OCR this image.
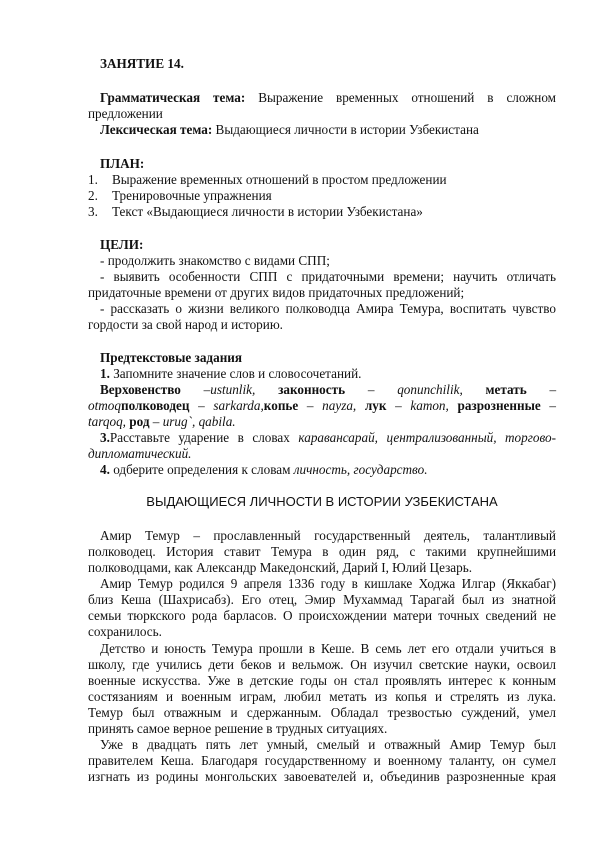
ЗАНЯТИЕ 14.
Грамматическая тема: Выражение временных отношений в сложном
предложении
Лексическая тема: Выдающиеся личности в истории Узбекистана
ПЛАН:
1. Выражение временных отношений в простом предложении
2. Тренировочные упражнения
3. Текст «Выдающиеся личности в истории Узбекистана»
ЦЕЛИ:
- продолжить знакомство с видами СПП;
- выявить особенности СПП с придаточными времени; научить отличать
придаточные времени от других видов придаточных предложений;
- рассказать о жизни великого полководца Амира Темура, воспитать чувство
гордости за свой народ и историю.
Предтекстовые задания
1. Запомните значение слов и словосочетаний.
Верховенство –ustunlik, законность – qonunchilik, метать –
otmoqполководец – sarkarda,копье – nayza, лук – kamon, разрозненные –
tarqoq, род – urug`, qabila.
3.Расставьте ударение в словах каравансарай, централизованный, торгово-
дипломатический.
4. одберите определения к словам личность, государство.
ВЫДАЮЩИЕСЯ ЛИЧНОСТИ В ИСТОРИИ УЗБЕКИСТАНА
Амир Темур – прославленный государственный деятель, талантливый
полководец. История ставит Темура в один ряд, с такими крупнейшими
полководцами, как Александр Македонский, Дарий I, Юлий Цезарь.
Амир Темур родился 9 апреля 1336 году в кишлаке Ходжа Илгар (Яккабаг)
близ Кеша (Шахрисабз). Его отец, Эмир Мухаммад Тарагай был из знатной
семьи тюркского рода барласов. О происхождении матери точных сведений не
сохранилось.
Детство и юность Темура прошли в Кеше. В семь лет его отдали учиться в
школу, где учились дети беков и вельмож. Он изучил светские науки, освоил
военные искусства. Уже в детские годы он стал проявлять интерес к конным
состязаниям и военным играм, любил метать из копья и стрелять из лука.
Темур был отважным и сдержанным. Обладал трезвостью суждений, умел
принять самое верное решение в трудных ситуациях.
Уже в двадцать пять лет умный, смелый и отважный Амир Темур был
правителем Кеша. Благодаря государственному и военному таланту, он сумел
изгнать из родины монгольских завоевателей и, объединив разрозненные края
